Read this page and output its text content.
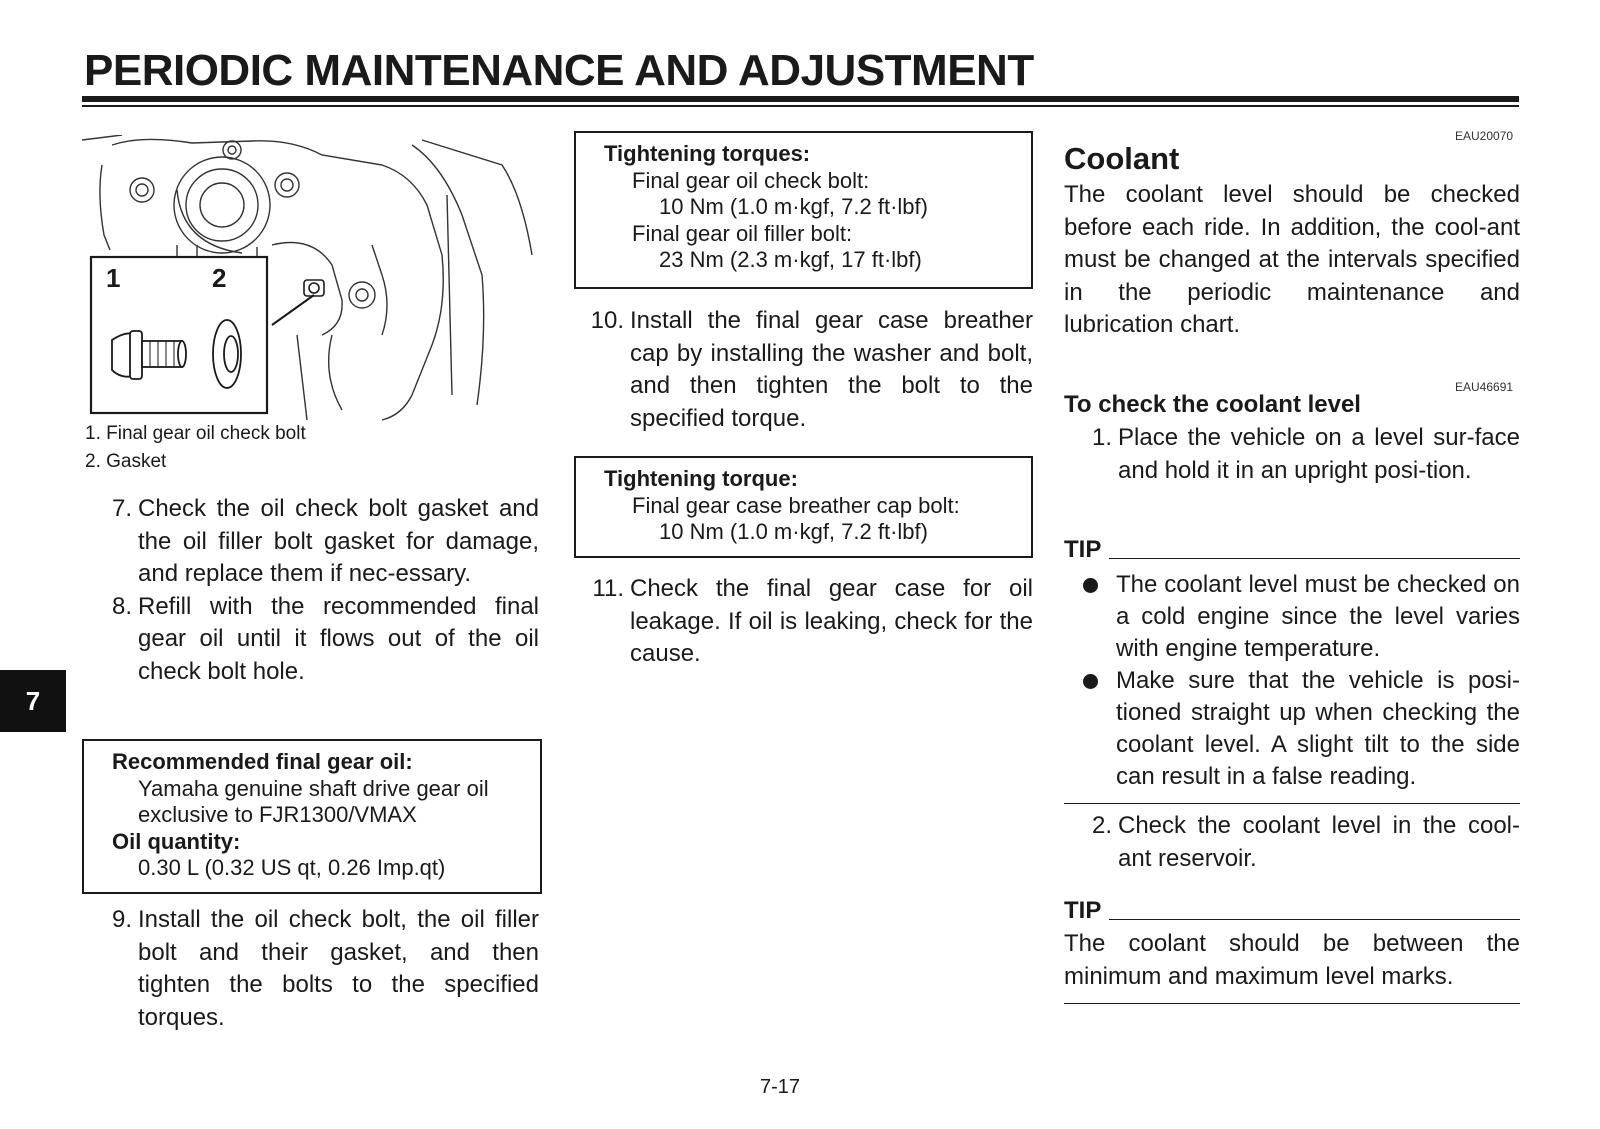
PERIODIC MAINTENANCE AND ADJUSTMENT
7
1	2
1. Final gear oil check bolt
2. Gasket
7. Check the oil check bolt gasket and the oil filler bolt gasket for damage, and replace them if nec-essary.
8. Refill with the recommended final gear oil until it flows out of the oil check bolt hole.
Recommended final gear oil:
Yamaha genuine shaft drive gear oil
exclusive to FJR1300/VMAX
Oil quantity:
0.30 L (0.32 US qt, 0.26 Imp.qt)
9. Install the oil check bolt, the oil filler bolt and their gasket, and then tighten the bolts to the specified torques.
Tightening torques:
Final gear oil check bolt:
10 Nm (1.0 m·kgf, 7.2 ft·lbf)
Final gear oil filler bolt:
23 Nm (2.3 m·kgf, 17 ft·lbf)
10. Install the final gear case breather cap by installing the washer and bolt, and then tighten the bolt to the specified torque.
Tightening torque:
Final gear case breather cap bolt:
10 Nm (1.0 m·kgf, 7.2 ft·lbf)
11. Check the final gear case for oil leakage. If oil is leaking, check for the cause.
EAU20070
Coolant
The coolant level should be checked before each ride. In addition, the cool-ant must be changed at the intervals specified in the periodic maintenance and lubrication chart.
EAU46691
To check the coolant level
1. Place the vehicle on a level sur-face and hold it in an upright posi-tion.
TIP
The coolant level must be checked on a cold engine since the level varies with engine temperature.
Make sure that the vehicle is posi-tioned straight up when checking the coolant level. A slight tilt to the side can result in a false reading.
2. Check the coolant level in the cool-ant reservoir.
TIP
The coolant should be between the minimum and maximum level marks.
7-17
